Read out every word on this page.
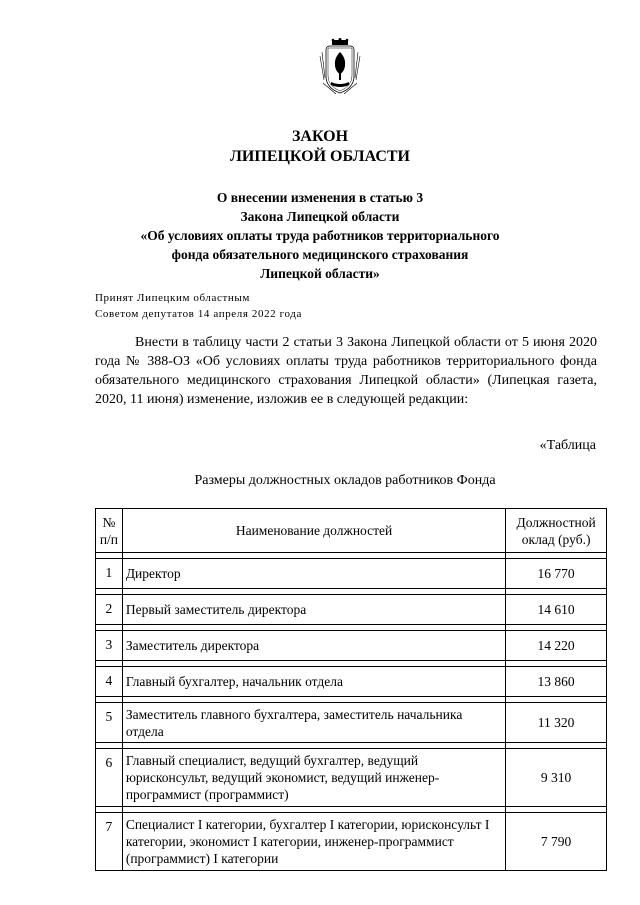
ЗАКОН
ЛИПЕЦКОЙ ОБЛАСТИ
О внесении изменения в статью 3
Закона Липецкой области
«Об условиях оплаты труда работников территориального
фонда обязательного медицинского страхования
Липецкой области»
Принят Липецким областным
Советом депутатов 14 апреля 2022 года
Внести в таблицу части 2 статьи 3 Закона Липецкой области от 5 июня 2020 года № 388-ОЗ «Об условиях оплаты труда работников территориального фонда обязательного медицинского страхования Липецкой области» (Липецкая газета, 2020, 11 июня) изменение, изложив ее в следующей редакции:
«Таблица
Размеры должностных окладов работников Фонда
№ п/п	Наименование должностей	Должностной оклад (руб.)

1	Директор	16 770

2	Первый заместитель директора	14 610

3	Заместитель директора	14 220

4	Главный бухгалтер, начальник отдела	13 860

5	Заместитель главного бухгалтера, заместитель начальника отдела	11 320

6	Главный специалист, ведущий бухгалтер, ведущий юрисконсульт, ведущий экономист, ведущий инженер-программист (программист)	9 310

7	Специалист I категории, бухгалтер I категории, юрисконсульт I категории, экономист I категории, инженер-программист (программист) I категории	7 790
